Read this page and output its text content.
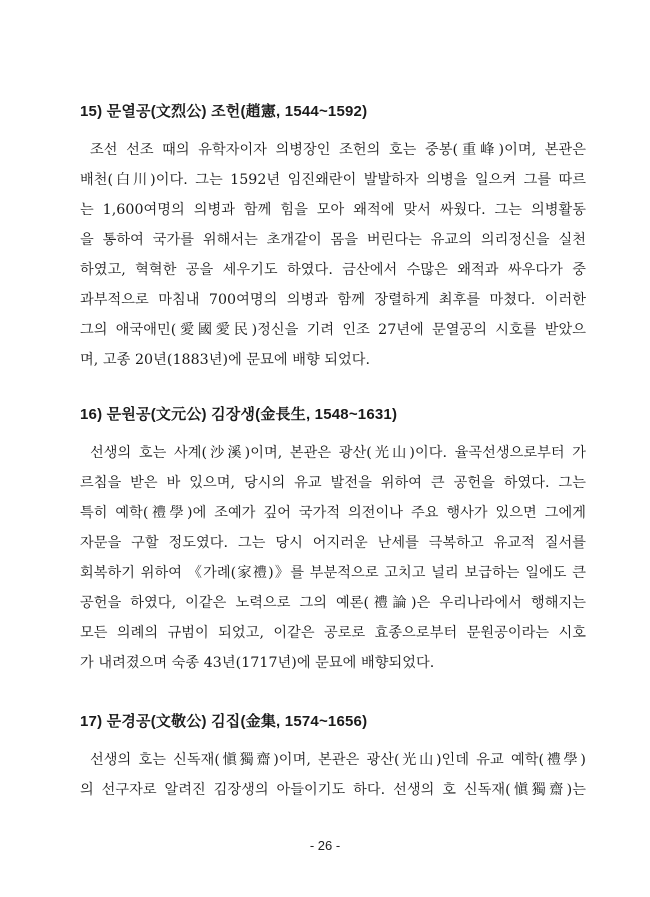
15) 문열공(文烈公) 조헌(趙憲, 1544~1592)
조선 선조 때의 유학자이자 의병장인 조헌의 호는 중봉(重峰)이며, 본관은
배천(白川)이다. 그는 1592년 임진왜란이 발발하자 의병을 일으켜 그를 따르
는 1,600여명의 의병과 함께 힘을 모아 왜적에 맞서 싸웠다. 그는 의병활동
을 통하여 국가를 위해서는 초개같이 몸을 버린다는 유교의 의리정신을 실천
하였고, 혁혁한 공을 세우기도 하였다. 금산에서 수많은 왜적과 싸우다가 중
과부적으로 마침내 700여명의 의병과 함께 장렬하게 최후를 마쳤다. 이러한
그의 애국애민(愛國愛民)정신을 기려 인조 27년에 문열공의 시호를 받았으
며, 고종 20년(1883년)에 문묘에 배향 되었다.
16) 문원공(文元公) 김장생(金長生, 1548~1631)
선생의 호는 사계(沙溪)이며, 본관은 광산(光山)이다. 율곡선생으로부터 가
르침을 받은 바 있으며, 당시의 유교 발전을 위하여 큰 공헌을 하였다. 그는
특히 예학(禮學)에 조예가 깊어 국가적 의전이나 주요 행사가 있으면 그에게
자문을 구할 정도였다. 그는 당시 어지러운 난세를 극복하고 유교적 질서를
회복하기 위하여 《가례(家禮)》를 부분적으로 고치고 널리 보급하는 일에도 큰
공헌을 하였다, 이같은 노력으로 그의 예론(禮論)은 우리나라에서 행해지는
모든 의례의 규범이 되었고, 이같은 공로로 효종으로부터 문원공이라는 시호
가 내려졌으며 숙종 43년(1717년)에 문묘에 배향되었다.
17) 문경공(文敬公) 김집(金集, 1574~1656)
선생의 호는 신독재(愼獨齋)이며, 본관은 광산(光山)인데 유교 예학(禮學)
의 선구자로 알려진 김장생의 아들이기도 하다. 선생의 호 신독재(愼獨齋)는
- 26 -
